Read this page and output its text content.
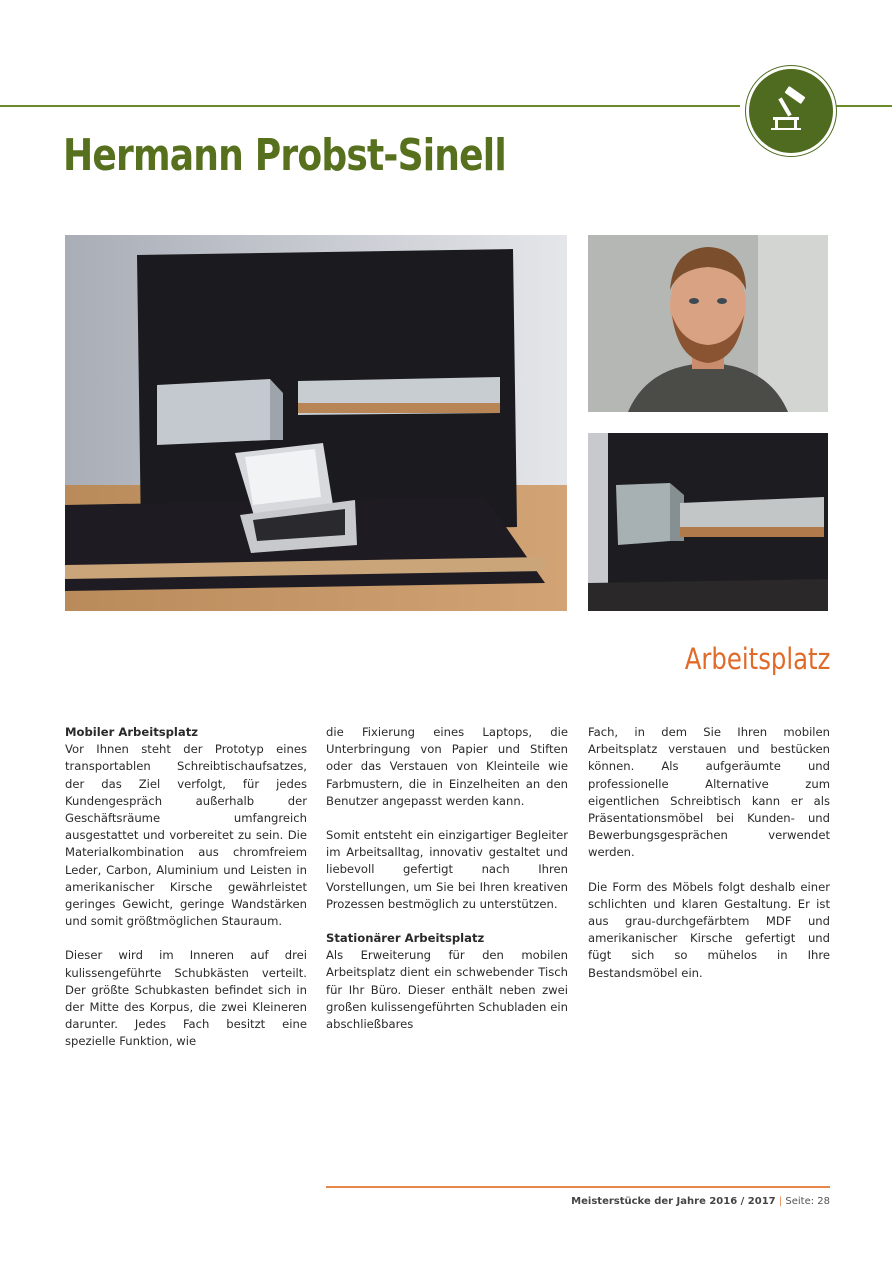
Hermann Probst-Sinell
Arbeitsplatz
Mobiler Arbeitsplatz

Vor Ihnen steht der Prototyp eines transportablen Schreibtischaufsatzes, der das Ziel verfolgt, für jedes Kundengespräch außerhalb der Geschäftsräume umfangreich ausgestattet und vorbereitet zu sein. Die Materialkombination aus chromfreiem Leder, Carbon, Aluminium und Leisten in amerikanischer Kirsche gewährleistet geringes Gewicht, geringe Wandstärken und somit größtmöglichen Stauraum.

Dieser wird im Inneren auf drei kulissengeführte Schubkästen verteilt. Der größte Schubkasten befindet sich in der Mitte des Korpus, die zwei Kleineren darunter. Jedes Fach besitzt eine spezielle Funktion, wie

die Fixierung eines Laptops, die Unterbringung von Papier und Stiften oder das Verstauen von Kleinteile wie Farbmustern, die in Einzelheiten an den Benutzer angepasst werden kann.

Somit entsteht ein einzigartiger Begleiter im Arbeitsalltag, innovativ gestaltet und liebevoll gefertigt nach Ihren Vorstellungen, um Sie bei Ihren kreativen Prozessen bestmöglich zu unterstützen.

Stationärer Arbeitsplatz

Als Erweiterung für den mobilen Arbeitsplatz dient ein schwebender Tisch für Ihr Büro. Dieser enthält neben zwei großen kulissengeführten Schubladen ein abschließbares

Fach, in dem Sie Ihren mobilen Arbeitsplatz verstauen und bestücken können. Als aufgeräumte und professionelle Alternative zum eigentlichen Schreibtisch kann er als Präsentationsmöbel bei Kunden- und Bewerbungsgesprächen verwendet werden.

Die Form des Möbels folgt deshalb einer schlichten und klaren Gestaltung. Er ist aus grau-durchgefärbtem MDF und amerikanischer Kirsche gefertigt und fügt sich so mühelos in Ihre Bestandsmöbel ein.

Meisterstücke der Jahre 2016 / 2017 | Seite: 28
